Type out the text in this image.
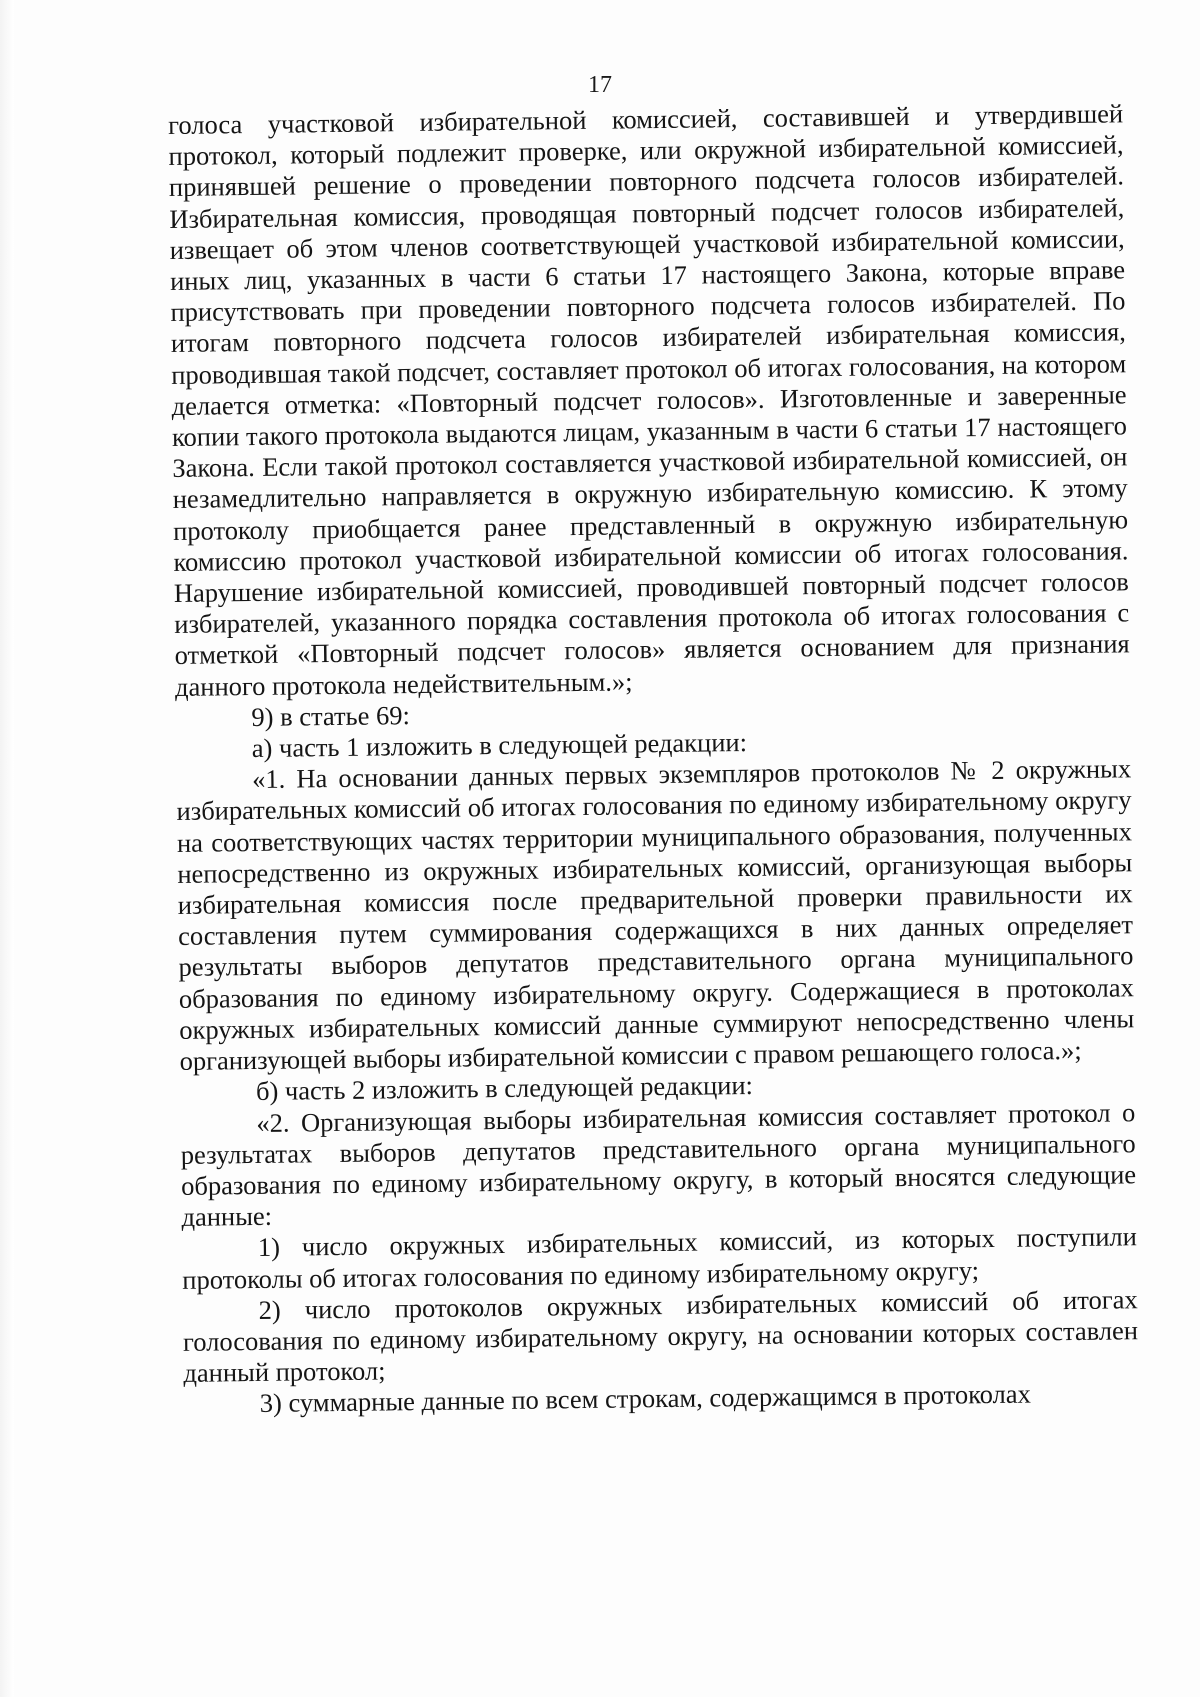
17

голоса участковой избирательной комиссией, составившей и утвердившей протокол, который подлежит проверке, или окружной избирательной комиссией, принявшей решение о проведении повторного подсчета голосов избирателей. Избирательная комиссия, проводящая повторный подсчет голосов избирателей, извещает об этом членов соответствующей участковой избирательной комиссии, иных лиц, указанных в части 6 статьи 17 настоящего Закона, которые вправе присутствовать при проведении повторного подсчета голосов избирателей. По итогам повторного подсчета голосов избирателей избирательная комиссия, проводившая такой подсчет, составляет протокол об итогах голосования, на котором делается отметка: «Повторный подсчет голосов». Изготовленные и заверенные копии такого протокола выдаются лицам, указанным в части 6 статьи 17 настоящего Закона. Если такой протокол составляется участковой избирательной комиссией, он незамедлительно направляется в окружную избирательную комиссию. К этому протоколу приобщается ранее представленный в окружную избирательную комиссию протокол участковой избирательной комиссии об итогах голосования. Нарушение избирательной комиссией, проводившей повторный подсчет голосов избирателей, указанного порядка составления протокола об итогах голосования с отметкой «Повторный подсчет голосов» является основанием для признания данного протокола недействительным.»;

9) в статье 69:

а) часть 1 изложить в следующей редакции:

«1. На основании данных первых экземпляров протоколов № 2 окружных избирательных комиссий об итогах голосования по единому избирательному округу на соответствующих частях территории муниципального образования, полученных непосредственно из окружных избирательных комиссий, организующая выборы избирательная комиссия после предварительной проверки правильности их составления путем суммирования содержащихся в них данных определяет результаты выборов депутатов представительного органа муниципального образования по единому избирательному округу. Содержащиеся в протоколах окружных избирательных комиссий данные суммируют непосредственно члены организующей выборы избирательной комиссии с правом решающего голоса.»;

б) часть 2 изложить в следующей редакции:

«2. Организующая выборы избирательная комиссия составляет протокол о результатах выборов депутатов представительного органа муниципального образования по единому избирательному округу, в который вносятся следующие данные:

1) число окружных избирательных комиссий, из которых поступили протоколы об итогах голосования по единому избирательному округу;

2) число протоколов окружных избирательных комиссий об итогах голосования по единому избирательному округу, на основании которых составлен данный протокол;

3) суммарные данные по всем строкам, содержащимся в протоколах
